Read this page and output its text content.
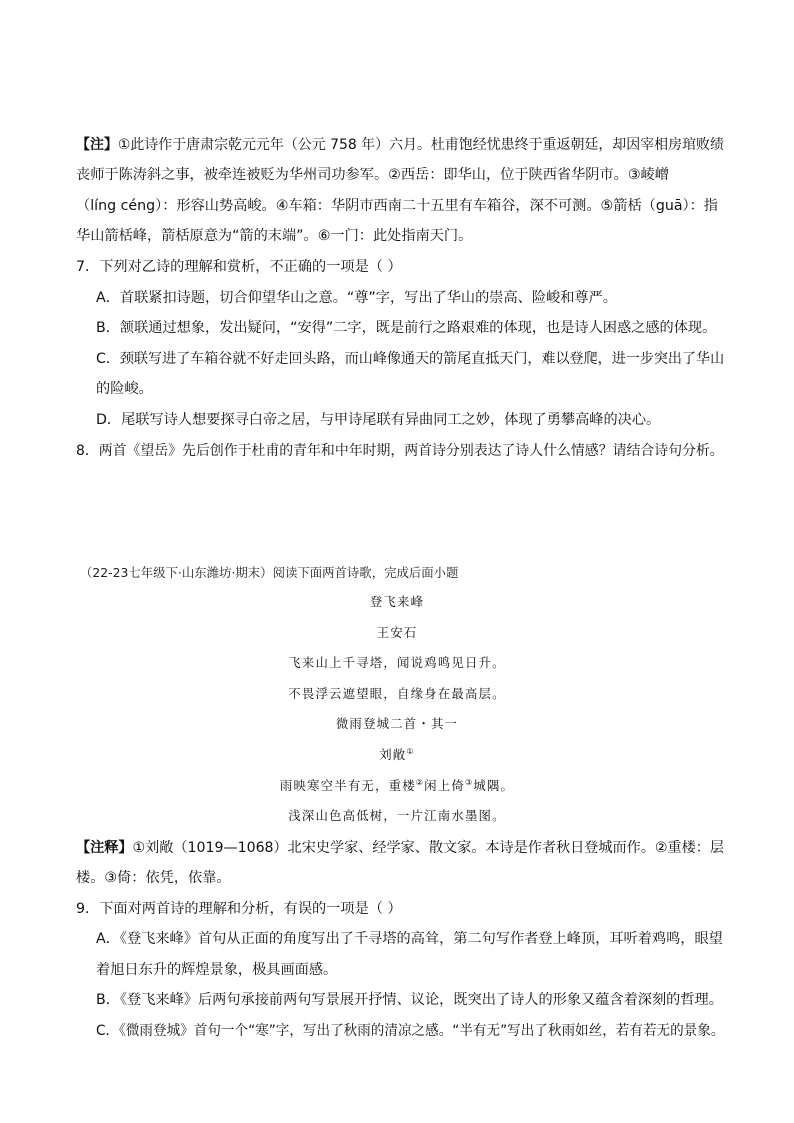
【注】①此诗作于唐肃宗乾元元年（公元 758 年）六月。杜甫饱经忧患终于重返朝廷，却因宰相房琯败绩
丧师于陈涛斜之事，被牵连被贬为华州司功参军。②西岳：即华山，位于陕西省华阴市。③崚嶒
（líng céng）：形容山势高峻。④车箱：华阴市西南二十五里有车箱谷，深不可测。⑤箭栝（guā）：指
华山箭栝峰，箭栝原意为“箭的末端”。⑥一门：此处指南天门。
7．下列对乙诗的理解和赏析，不正确的一项是（ ）
A．首联紧扣诗题，切合仰望华山之意。“尊”字，写出了华山的崇高、险峻和尊严。
B．颔联通过想象，发出疑问，“安得”二字，既是前行之路艰难的体现，也是诗人困惑之感的体现。
C．颈联写进了车箱谷就不好走回头路，而山峰像通天的箭尾直抵天门，难以登爬，进一步突出了华山
的险峻。
D．尾联写诗人想要探寻白帝之居，与甲诗尾联有异曲同工之妙，体现了勇攀高峰的决心。
8．两首《望岳》先后创作于杜甫的青年和中年时期，两首诗分别表达了诗人什么情感？请结合诗句分析。
（22-23七年级下·山东潍坊·期末）阅读下面两首诗歌，完成后面小题
登飞来峰
王安石
飞来山上千寻塔，闻说鸡鸣见日升。
不畏浮云遮望眼，自缘身在最高层。
微雨登城二首・其一
刘敞①
雨映寒空半有无，重楼②闲上倚③城隅。
浅深山色高低树，一片江南水墨图。
【注释】①刘敞（1019—1068）北宋史学家、经学家、散文家。本诗是作者秋日登城而作。②重楼：层
楼。③倚：依凭，依靠。
9．下面对两首诗的理解和分析，有误的一项是（ ）
A．《登飞来峰》首句从正面的角度写出了千寻塔的高耸，第二句写作者登上峰顶，耳听着鸡鸣，眼望
着旭日东升的辉煌景象，极具画面感。
B．《登飞来峰》后两句承接前两句写景展开抒情、议论，既突出了诗人的形象又蕴含着深刻的哲理。
C．《微雨登城》首句一个“寒”字，写出了秋雨的清凉之感。“半有无”写出了秋雨如丝，若有若无的景象。
